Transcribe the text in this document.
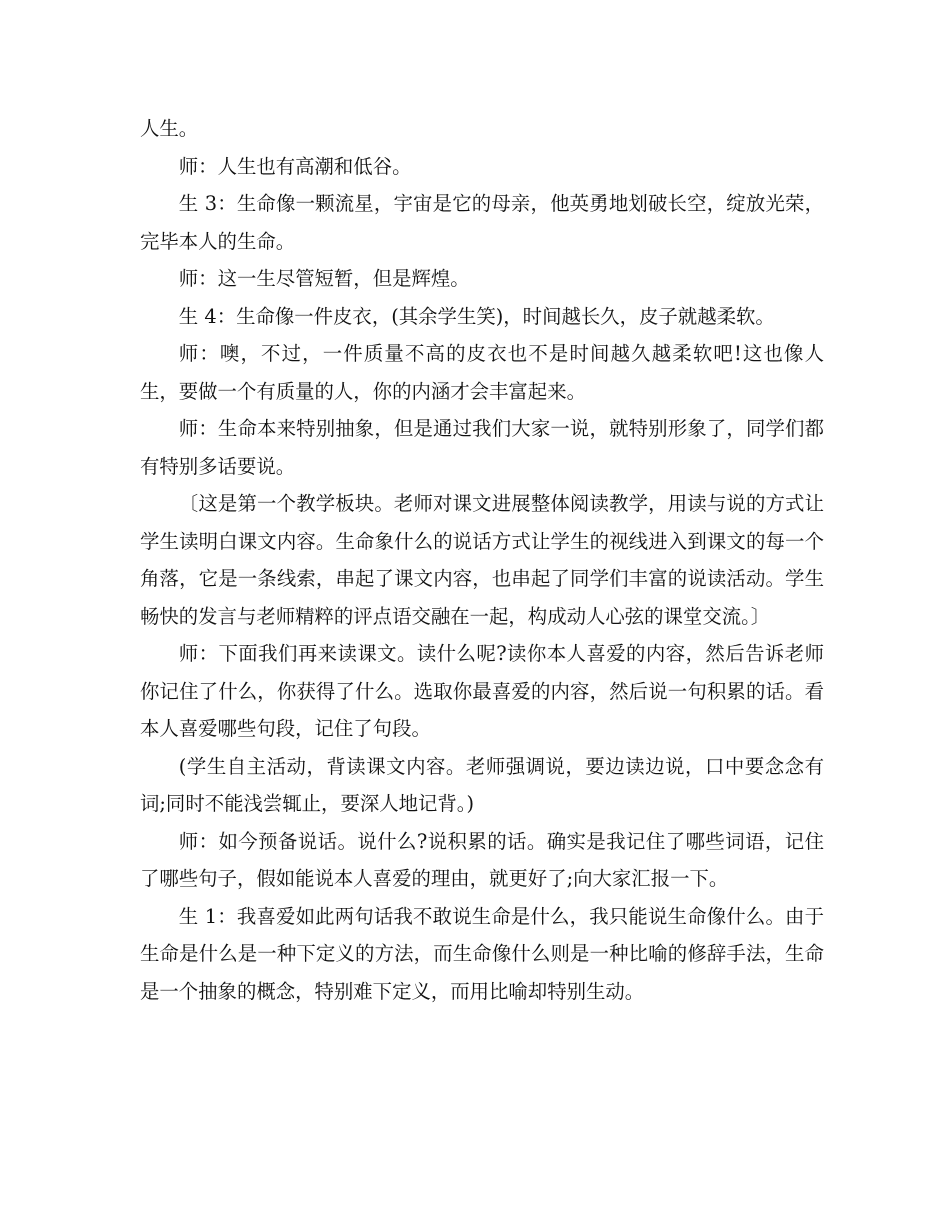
人生。

师：人生也有高潮和低谷。

生 3：生命像一颗流星，宇宙是它的母亲，他英勇地划破长空，绽放光荣，完毕本人的生命。

师：这一生尽管短暂，但是辉煌。

生 4：生命像一件皮衣，(其余学生笑)，时间越长久，皮子就越柔软。

师：噢，不过，一件质量不高的皮衣也不是时间越久越柔软吧!这也像人生，要做一个有质量的人，你的内涵才会丰富起来。

师：生命本来特别抽象，但是通过我们大家一说，就特别形象了，同学们都有特别多话要说。

〔这是第一个教学板块。老师对课文进展整体阅读教学，用读与说的方式让学生读明白课文内容。生命象什么的说话方式让学生的视线进入到课文的每一个角落，它是一条线索，串起了课文内容，也串起了同学们丰富的说读活动。学生畅快的发言与老师精粹的评点语交融在一起，构成动人心弦的课堂交流。〕

师：下面我们再来读课文。读什么呢?读你本人喜爱的内容，然后告诉老师你记住了什么，你获得了什么。选取你最喜爱的内容，然后说一句积累的话。看本人喜爱哪些句段，记住了句段。

(学生自主活动，背读课文内容。老师强调说，要边读边说，口中要念念有词;同时不能浅尝辄止，要深人地记背。)

师：如今预备说话。说什么?说积累的话。确实是我记住了哪些词语，记住了哪些句子，假如能说本人喜爱的理由，就更好了;向大家汇报一下。

生 1：我喜爱如此两句话我不敢说生命是什么，我只能说生命像什么。由于生命是什么是一种下定义的方法，而生命像什么则是一种比喻的修辞手法，生命是一个抽象的概念，特别难下定义，而用比喻却特别生动。
